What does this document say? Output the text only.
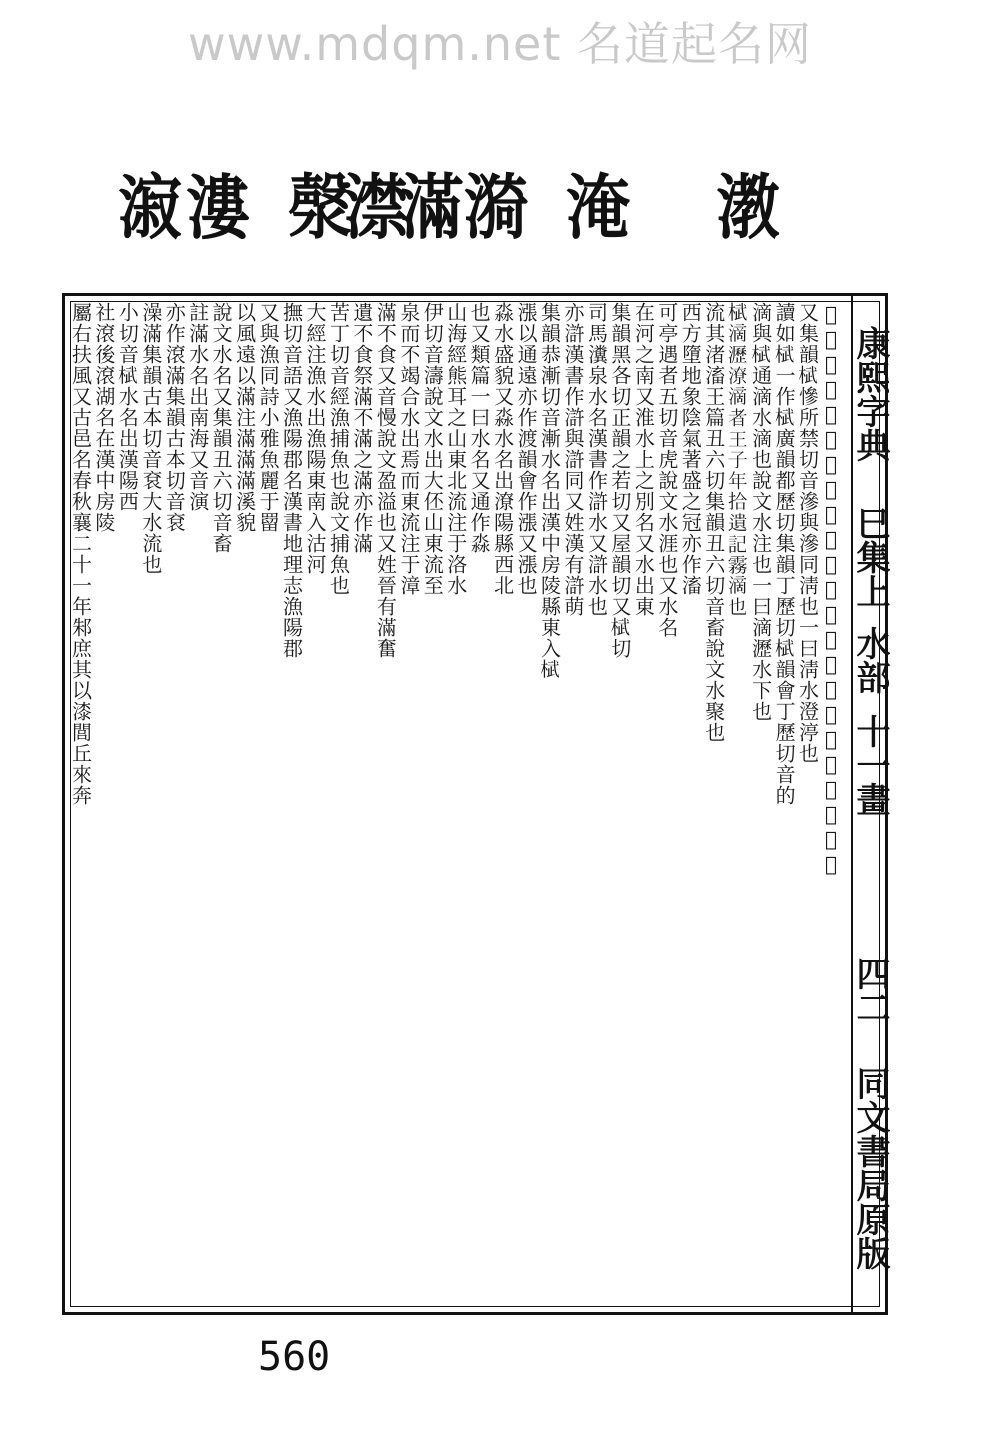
www.mdqm.net 名道起名网
漃 漊 漀
澿
滿 漪 淹 漖
康熙字典
巳集上
水部
十一畫
四二
同文書局原版
𦠡韻會丞眞切音森淋滲毛羽初生貌木華海賦鶴子淋滲
又集韻𣓸慘所禁切音滲與滲同淸也一曰淸水澄渟也
讀如𣓸一作𣓸廣韻都歷切集韻丁歷切𣓸韻會丁歷切音的
滴與𣓸通滴水滴也說文水注也一曰滴瀝水下也
𣓸滴瀝潦滴者王子年拾遺記霧滴也
流其渚滀王篇丑六切集韻丑六切音畜說文水聚也
西方墮地象陰氣著盛之冠亦作滀
可亭遇者五切音虎說文水涯也又水名
在河之南又淮水上之別名又水出東
集韻黑各切正韻之若切又屋韻切又𣓸切
司馬瀵泉水名漢書作滸水又滸水也
亦滸漢書作滸與滸同又姓漢有滸萌
集韻恭漸切音漸水名出漢中房陵縣東入𣓸
漲以通遠亦作渡韻會作漲又漲也
淼水盛貌又淼水名出潦陽縣西北
也又類篇一曰水名又通作淼
山海經熊耳之山東北流注于洛水
伊切音濤說文水出大伾山東流至
泉而不竭合水出焉而東流注于漳
滿不食又音慢說文盈溢也又姓晉有滿奮
遺不食祭滿不滿之滿亦作滿
苦丁切音經漁捕魚也說文捕魚也
大經注漁水出漁陽東南入沽河
撫切音語又漁陽郡名漢書地理志漁陽郡
又與漁同詩小雅魚麗于罶
以風遠以滿注滿滿滿溪貌
說文水名又集韻丑六切音畜
註滿水名出南海又音演
亦作滾滿集韻古本切音袞
澡滿集韻古本切音袞大水流也
小切音𣓸水名出漢陽西
社滾後滾湖名在漢中房陵
屬右扶風又古邑名春秋襄二十一年邾庶其以漆閭丘來奔
560
